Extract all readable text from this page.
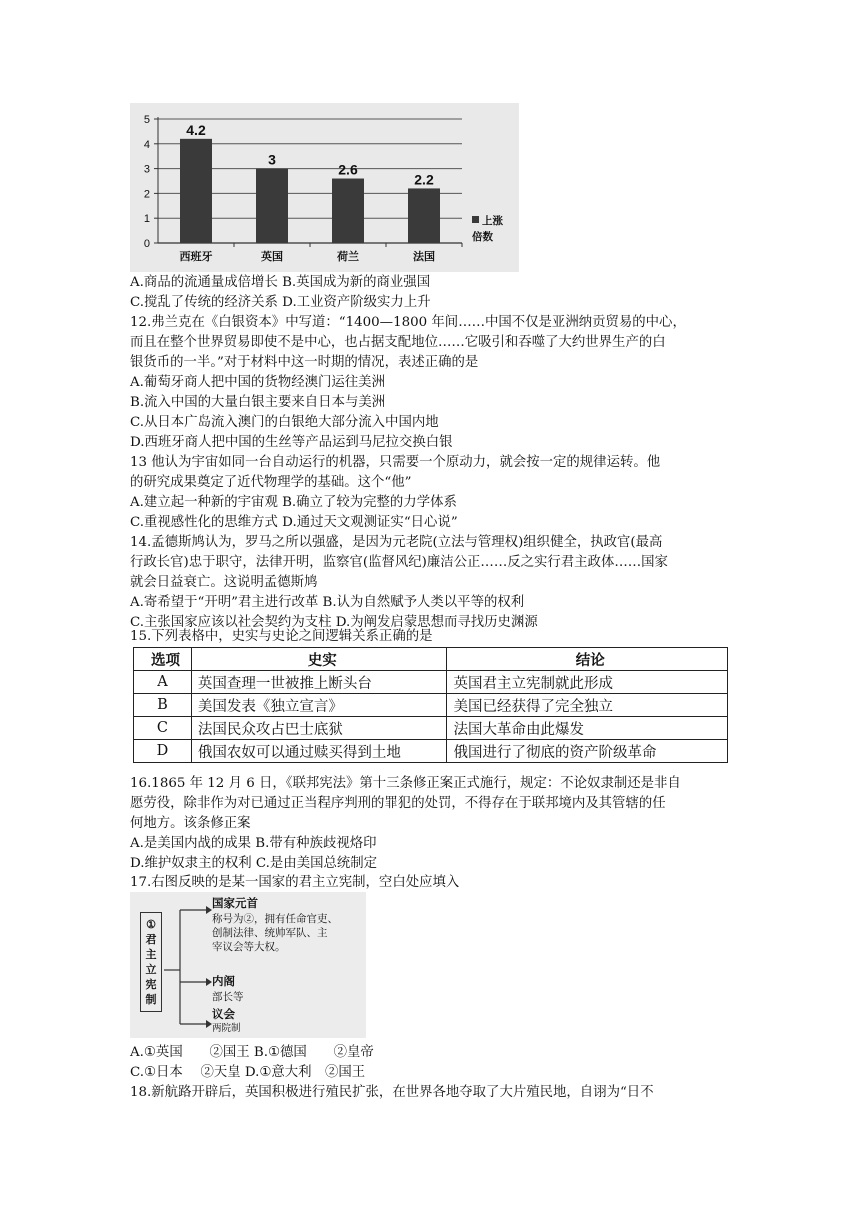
0
1
2
3
4
5
4.2
西班牙
3
英国
2.6
荷兰
2.2
法国
上涨
倍数
A.商品的流通量成倍增长 B.英国成为新的商业强国
C.搅乱了传统的经济关系 D.工业资产阶级实力上升
12.弗兰克在《白银资本》中写道：“1400—1800 年间……中国不仅是亚洲纳贡贸易的中心，
而且在整个世界贸易即使不是中心，也占据支配地位……它吸引和吞噬了大约世界生产的白
银货币的一半。”对于材料中这一时期的情况，表述正确的是
A.葡萄牙商人把中国的货物经澳门运往美洲
B.流入中国的大量白银主要来自日本与美洲
C.从日本广岛流入澳门的白银绝大部分流入中国内地
D.西班牙商人把中国的生丝等产品运到马尼拉交换白银
13 他认为宇宙如同一台自动运行的机器，只需要一个原动力，就会按一定的规律运转。他
的研究成果奠定了近代物理学的基础。这个“他”
A.建立起一种新的宇宙观 B.确立了较为完整的力学体系
C.重视感性化的思维方式 D.通过天文观测证实“日心说”
14.孟德斯鸠认为，罗马之所以强盛，是因为元老院(立法与管理权)组织健全，执政官(最高
行政长官)忠于职守，法律开明，监察官(监督风纪)廉洁公正……反之实行君主政体……国家
就会日益衰亡。这说明孟德斯鸠
A.寄希望于“开明”君主进行改革 B.认为自然赋予人类以平等的权利
C.主张国家应该以社会契约为支柱 D.为阐发启蒙思想而寻找历史渊源
15.下列表格中，史实与史论之间逻辑关系正确的是
选项	史实	结论
A	英国查理一世被推上断头台	英国君主立宪制就此形成
B	美国发表《独立宣言》	美国已经获得了完全独立
C	法国民众攻占巴士底狱	法国大革命由此爆发
D	俄国农奴可以通过赎买得到土地	俄国进行了彻底的资产阶级革命
16.1865 年 12 月 6 日，《联邦宪法》第十三条修正案正式施行，规定：不论奴隶制还是非自
愿劳役，除非作为对已通过正当程序判刑的罪犯的处罚，不得存在于联邦境内及其管辖的任
何地方。该条修正案
A.是美国内战的成果 B.带有种族歧视烙印
D.维护奴隶主的权利 C.是由美国总统制定
17.右图反映的是某一国家的君主立宪制，空白处应填入
①
君
主
立
宪
制
国家元首
称号为②，拥有任命官吏、
创制法律、统帅军队、主
宰议会等大权。
内阁
部长等
议会
两院制
A.①英国　　②国王 B.①德国　　②皇帝
C.①日本　 ②天皇 D.①意大利　②国王
18.新航路开辟后，英国积极进行殖民扩张，在世界各地夺取了大片殖民地，自诩为“日不
